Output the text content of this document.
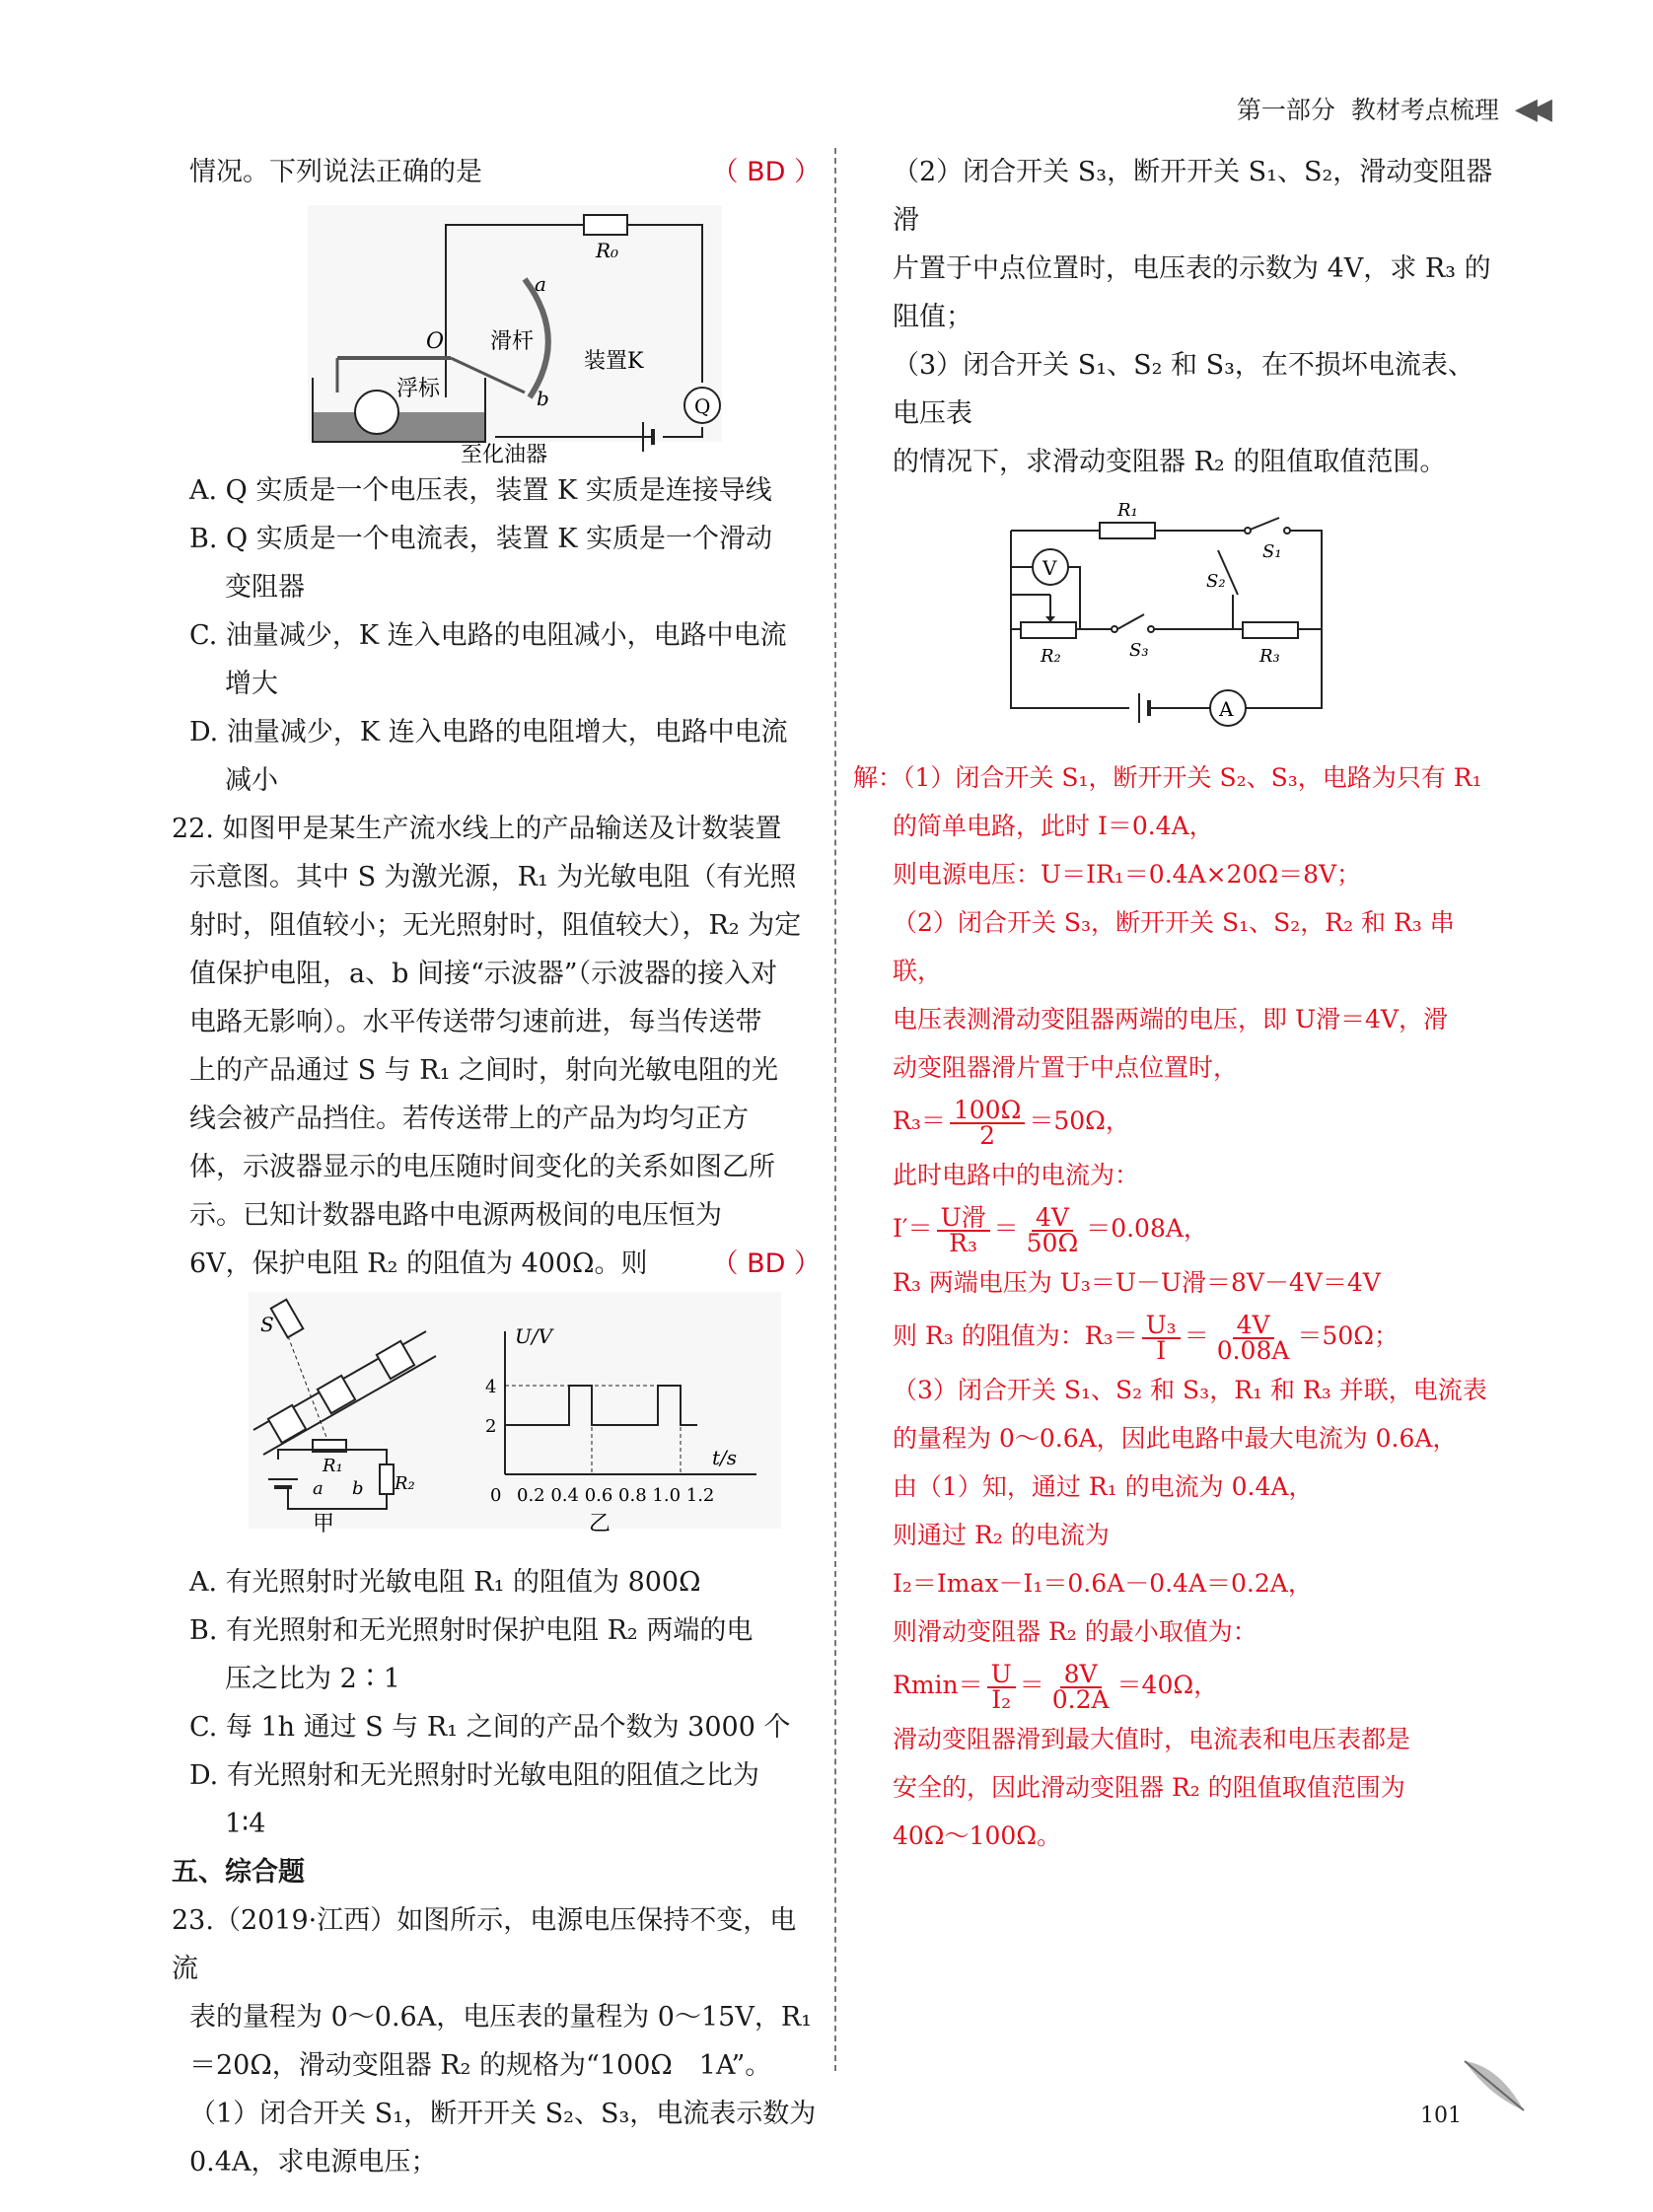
第一部分 教材考点梳理 ◀◀
情况。下列说法正确的是	（ BD ）
R₀
Q
a
b
装置K
滑杆
O
浮标
至化油器

A. Q 实质是一个电压表，装置 K 实质是连接导线

B. Q 实质是一个电流表，装置 K 实质是一个滑动

变阻器

C. 油量减少，K 连入电路的电阻减小，电路中电流

增大

D. 油量减少，K 连入电路的电阻增大，电路中电流

减小

22. 如图甲是某生产流水线上的产品输送及计数装置

示意图。其中 S 为激光源，R₁ 为光敏电阻（有光照

射时，阻值较小；无光照射时，阻值较大），R₂ 为定

值保护电阻，a、b 间接“示波器”（示波器的接入对

电路无影响）。水平传送带匀速前进，每当传送带

上的产品通过 S 与 R₁ 之间时，射向光敏电阻的光

线会被产品挡住。若传送带上的产品为均匀正方

体，示波器显示的电压随时间变化的关系如图乙所

示。已知计数器电路中电源两极间的电压恒为

6V，保护电阻 R₂ 的阻值为 400Ω。则 （ BD ）
S
R₁
R₂
a b
甲
U/V
4
2
t/s
0 0.2 0.4 0.6 0.8 1.0 1.2
乙

A. 有光照射时光敏电阻 R₁ 的阻值为 800Ω

B. 有光照射和无光照射时保护电阻 R₂ 两端的电

压之比为 2∶1

C. 每 1h 通过 S 与 R₁ 之间的产品个数为 3000 个

D. 有光照射和无光照射时光敏电阻的阻值之比为

1∶4

五、综合题

23.（2019·江西）如图所示，电源电压保持不变，电流

表的量程为 0～0.6A，电压表的量程为 0～15V，R₁

＝20Ω，滑动变阻器 R₂ 的规格为“100Ω　1A”。

（1）闭合开关 S₁，断开开关 S₂、S₃，电流表示数为

0.4A，求电源电压；

（2）闭合开关 S₃，断开开关 S₁、S₂，滑动变阻器滑

片置于中点位置时，电压表的示数为 4V，求 R₃ 的

阻值；

（3）闭合开关 S₁、S₂ 和 S₃，在不损坏电流表、电压表

的情况下，求滑动变阻器 R₂ 的阻值取值范围。

A
R₁
S₁
V
S₂
R₂	S₃	R₃

解：（1）闭合开关 S₁，断开开关 S₂、S₃，电路为只有 R₁

的简单电路，此时 I＝0.4A，

则电源电压：U＝IR₁＝0.4A×20Ω＝8V；

（2）闭合开关 S₃，断开开关 S₁、S₂，R₂ 和 R₃ 串联，

电压表测滑动变阻器两端的电压，即 U滑＝4V，滑

动变阻器滑片置于中点位置时，

$R_3= \frac{100\Omega}{2} =50\Omega$，

此时电路中的电流为：

$I'= \frac{\text{U滑}}{\text{R₃}} = \frac{4V}{50\Omega} =0.08A$，

R₃ 两端电压为 U₃＝U－U滑＝8V－4V＝4V

则 R₃ 的阻值为：$R_3= \frac{\text{U₃}}{I} = \frac{4V}{0.08A} =50\Omega$；

（3）闭合开关 S₁、S₂ 和 S₃，R₁ 和 R₃ 并联，电流表

的量程为 0～0.6A，因此电路中最大电流为 0.6A，

由（1）知，通过 R₁ 的电流为 0.4A，

则通过 R₂ 的电流为

I₂＝Imax－I₁＝0.6A－0.4A＝0.2A，

则滑动变阻器 R₂ 的最小取值为：

$Rmin= \frac{U}{\text{I₂}} = \frac{8V}{0.2A} =40\Omega$，

滑动变阻器滑到最大值时，电流表和电压表都是

安全的，因此滑动变阻器 R₂ 的阻值取值范围为

40Ω～100Ω。

101
